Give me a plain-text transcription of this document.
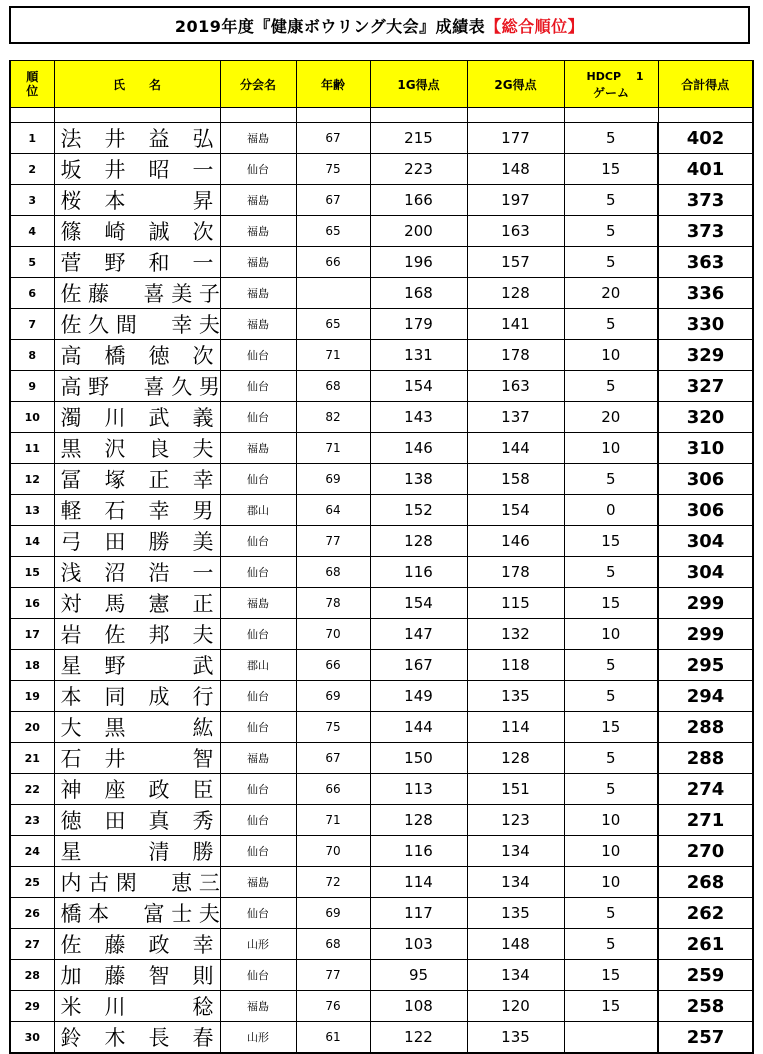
2019年度『健康ボウリング大会』成績表 【総合順位】
順
位	氏　　名	分会名	年齢	1G得点	2G得点	HDCP　 1
ゲーム	合計得点

1	法 井 益 弘	福島	67	215	177	5	402
2	坂 井 昭 一	仙台	75	223	148	15	401
3	桜 本 　 昇	福島	67	166	197	5	373
4	篠 崎 誠 次	福島	65	200	163	5	373
5	菅 野 和 一	福島	66	196	157	5	363
6	佐 藤 　 喜 美 子	福島		168	128	20	336
7	佐 久 間 　 幸 夫	福島	65	179	141	5	330
8	高 橋 徳 次	仙台	71	131	178	10	329
9	高 野 　 喜 久 男	仙台	68	154	163	5	327
10	濁 川 武 義	仙台	82	143	137	20	320
11	黒 沢 良 夫	福島	71	146	144	10	310
12	冨 塚 正 幸	仙台	69	138	158	5	306
13	軽 石 幸 男	郡山	64	152	154	0	306
14	弓 田 勝 美	仙台	77	128	146	15	304
15	浅 沼 浩 一	仙台	68	116	178	5	304
16	対 馬 憲 正	福島	78	154	115	15	299
17	岩 佐 邦 夫	仙台	70	147	132	10	299
18	星 野 　 武	郡山	66	167	118	5	295
19	本 同 成 行	仙台	69	149	135	5	294
20	大 黒 　 紘	仙台	75	144	114	15	288
21	石 井 　 智	福島	67	150	128	5	288
22	神 座 政 臣	仙台	66	113	151	5	274
23	徳 田 真 秀	仙台	71	128	123	10	271
24	星 　 清 勝	仙台	70	116	134	10	270
25	内 古 閑 　 恵 三	福島	72	114	134	10	268
26	橋 本 　 富 士 夫	仙台	69	117	135	5	262
27	佐 藤 政 幸	山形	68	103	148	5	261
28	加 藤 智 則	仙台	77	95	134	15	259
29	米 川 　 稔	福島	76	108	120	15	258
30	鈴 木 長 春	山形	61	122	135		257
